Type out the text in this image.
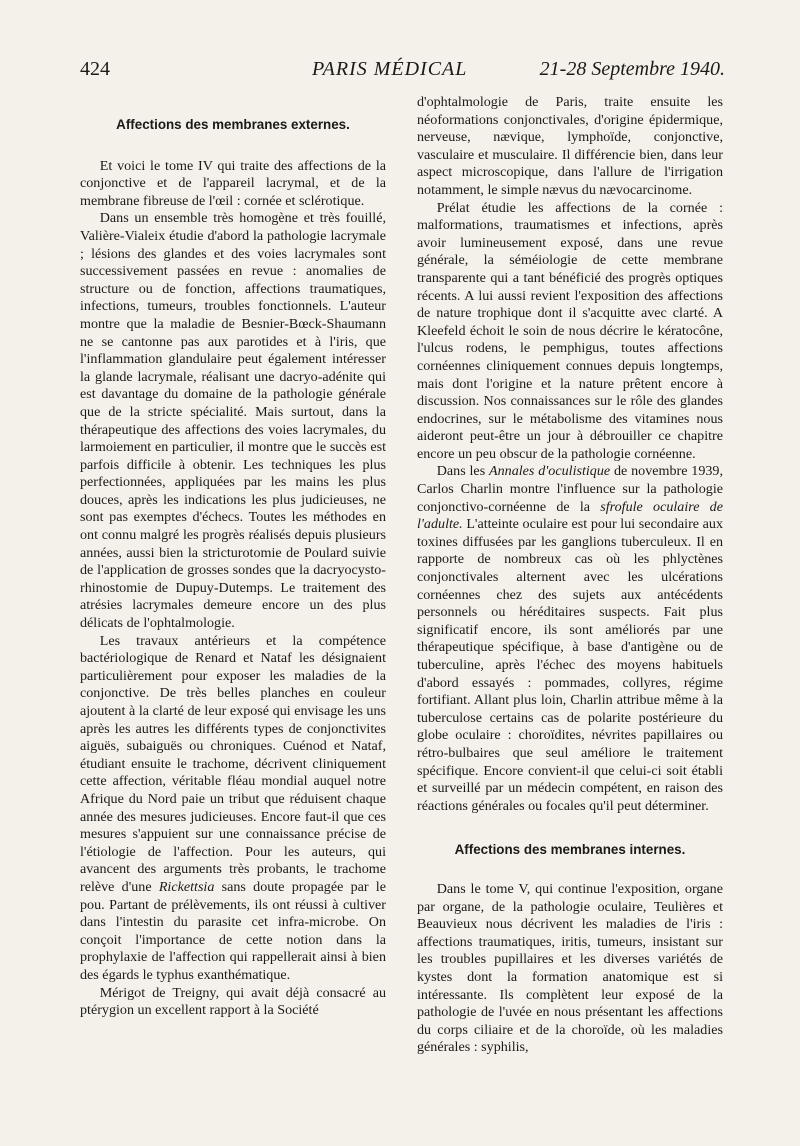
424	PARIS MÉDICAL	21-28 Septembre 1940.
Affections des membranes externes.

Et voici le tome IV qui traite des affections de la conjonctive et de l'appareil lacrymal, et de la membrane fibreuse de l'œil : cornée et sclérotique.

Dans un ensemble très homogène et très fouillé, Valière-Vialeix étudie d'abord la pathologie lacrymale ; lésions des glandes et des voies lacrymales sont successivement passées en revue : anomalies de structure ou de fonction, affections traumatiques, infections, tumeurs, troubles fonctionnels. L'auteur montre que la maladie de Besnier-Bœck-Shaumann ne se cantonne pas aux parotides et à l'iris, que l'inflammation glandulaire peut également intéresser la glande lacrymale, réalisant une dacryo-adénite qui est davantage du domaine de la pathologie générale que de la stricte spécialité. Mais surtout, dans la thérapeutique des affections des voies lacrymales, du larmoiement en particulier, il montre que le succès est parfois difficile à obtenir. Les techniques les plus perfectionnées, appliquées par les mains les plus douces, après les indications les plus judicieuses, ne sont pas exemptes d'échecs. Toutes les méthodes en ont connu malgré les progrès réalisés depuis plusieurs années, aussi bien la stricturotomie de Poulard suivie de l'application de grosses sondes que la dacryocysto-rhinostomie de Dupuy-Dutemps. Le traitement des atrésies lacrymales demeure encore un des plus délicats de l'ophtalmologie.

Les travaux antérieurs et la compétence bactériologique de Renard et Nataf les désignaient particulièrement pour exposer les maladies de la conjonctive. De très belles planches en couleur ajoutent à la clarté de leur exposé qui envisage les uns après les autres les différents types de conjonctivites aiguës, subaiguës ou chroniques. Cuénod et Nataf, étudiant ensuite le trachome, décrivent cliniquement cette affection, véritable fléau mondial auquel notre Afrique du Nord paie un tribut que réduisent chaque année des mesures judicieuses. Encore faut-il que ces mesures s'appuient sur une connaissance précise de l'étiologie de l'affection. Pour les auteurs, qui avancent des arguments très probants, le trachome relève d'une Rickettsia sans doute propagée par le pou. Partant de prélèvements, ils ont réussi à cultiver dans l'intestin du parasite cet infra-microbe. On conçoit l'importance de cette notion dans la prophylaxie de l'affection qui rappellerait ainsi à bien des égards le typhus exanthématique.

Mérigot de Treigny, qui avait déjà consacré au ptérygion un excellent rapport à la Société

d'ophtalmologie de Paris, traite ensuite les néoformations conjonctivales, d'origine épidermique, nerveuse, nævique, lymphoïde, conjonctive, vasculaire et musculaire. Il différencie bien, dans leur aspect microscopique, dans l'allure de l'irrigation notamment, le simple nævus du nævocarcinome.

Prélat étudie les affections de la cornée : malformations, traumatismes et infections, après avoir lumineusement exposé, dans une revue générale, la séméiologie de cette membrane transparente qui a tant bénéficié des progrès optiques récents. A lui aussi revient l'exposition des affections de nature trophique dont il s'acquitte avec clarté. A Kleefeld échoit le soin de nous décrire le kératocône, l'ulcus rodens, le pemphigus, toutes affections cornéennes cliniquement connues depuis longtemps, mais dont l'origine et la nature prêtent encore à discussion. Nos connaissances sur le rôle des glandes endocrines, sur le métabolisme des vitamines nous aideront peut-être un jour à débrouiller ce chapitre encore un peu obscur de la pathologie cornéenne.

Dans les Annales d'oculistique de novembre 1939, Carlos Charlin montre l'influence sur la pathologie conjonctivo-cornéenne de la sfrofule oculaire de l'adulte. L'atteinte oculaire est pour lui secondaire aux toxines diffusées par les ganglions tuberculeux. Il en rapporte de nombreux cas où les phlyctènes conjonctivales alternent avec les ulcérations cornéennes chez des sujets aux antécédents personnels ou héréditaires suspects. Fait plus significatif encore, ils sont améliorés par une thérapeutique spécifique, à base d'antigène ou de tuberculine, après l'échec des moyens habituels d'abord essayés : pommades, collyres, régime fortifiant. Allant plus loin, Charlin attribue même à la tuberculose certains cas de polarite postérieure du globe oculaire : choroïdites, névrites papillaires ou rétro-bulbaires que seul améliore le traitement spécifique. Encore convient-il que celui-ci soit établi et surveillé par un médecin compétent, en raison des réactions générales ou focales qu'il peut déterminer.

Affections des membranes internes.

Dans le tome V, qui continue l'exposition, organe par organe, de la pathologie oculaire, Teulières et Beauvieux nous décrivent les maladies de l'iris : affections traumatiques, iritis, tumeurs, insistant sur les troubles pupillaires et les diverses variétés de kystes dont la formation anatomique est si intéressante. Ils complètent leur exposé de la pathologie de l'uvée en nous présentant les affections du corps ciliaire et de la choroïde, où les maladies générales : syphilis,
